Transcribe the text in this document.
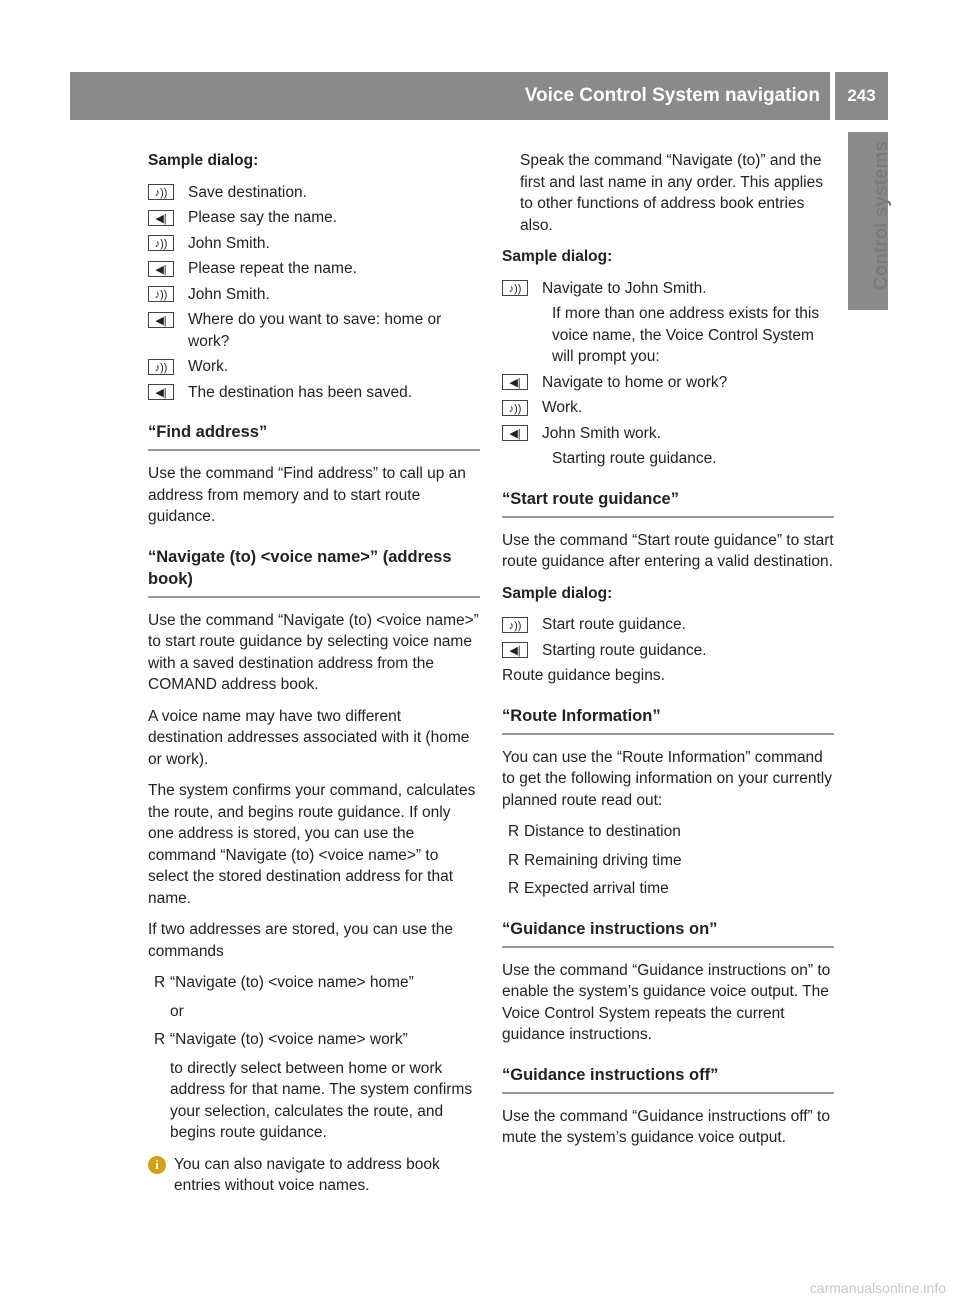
Voice Control System navigation	243
Control systems

Sample dialog:

♪))	Save destination.
◀|	Please say the name.
♪))	John Smith.
◀|	Please repeat the name.
♪))	John Smith.
◀|	Where do you want to save: home or work?
♪))	Work.
◀|	The destination has been saved.
“Find address”

Use the command “Find address” to call up an address from memory and to start route guidance.

“Navigate (to) <voice name>” (address book)

Use the command “Navigate (to) <voice name>” to start route guidance by selecting voice name with a saved destination address from the COMAND address book.

A voice name may have two different destination addresses associated with it (home or work).

The system confirms your command, calculates the route, and begins route guidance. If only one address is stored, you can use the command “Navigate (to) <voice name>” to select the stored destination address for that name.

If two addresses are stored, you can use the commands

R “Navigate (to) <voice name> home”

or

R “Navigate (to) <voice name> work”

to directly select between home or work address for that name. The system confirms your selection, calculates the route, and begins route guidance.

i You can also navigate to address book entries without voice names.

Speak the command “Navigate (to)” and the first and last name in any order. This applies to other functions of address book entries also.

Sample dialog:

♪))	Navigate to John Smith.

If more than one address exists for this voice name, the Voice Control System will prompt you:

◀|	Navigate to home or work?
♪))	Work.
◀|	John Smith work.

Starting route guidance.

“Start route guidance”

Use the command “Start route guidance” to start route guidance after entering a valid destination.

Sample dialog:

♪))	Start route guidance.
◀|	Starting route guidance.

Route guidance begins.

“Route Information”

You can use the “Route Information” command to get the following information on your currently planned route read out:

R Distance to destination
R Remaining driving time
R Expected arrival time
“Guidance instructions on”

Use the command “Guidance instructions on” to enable the system’s guidance voice output. The Voice Control System repeats the current guidance instructions.

“Guidance instructions off”

Use the command “Guidance instructions off” to mute the system’s guidance voice output.

carmanualsonline.info
